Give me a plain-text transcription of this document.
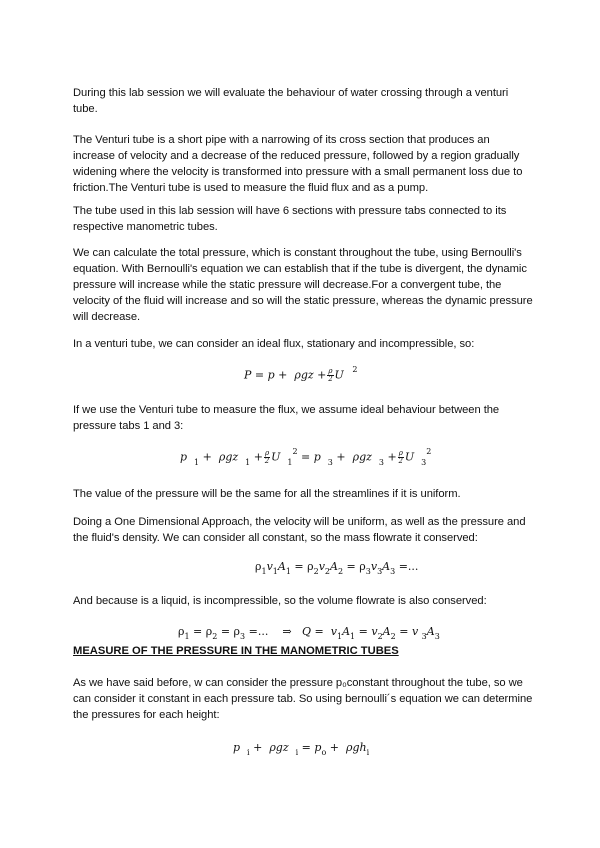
During this lab session we will evaluate the behaviour of water crossing through a venturi tube.

The Venturi tube is a short pipe with a narrowing of its cross section that produces an increase of velocity and a decrease of the reduced pressure, followed by a region gradually widening where the velocity is transformed into pressure with a small permanent loss due to friction.The Venturi tube is used to measure the fluid flux and as a pump.

The tube used in this lab session will have 6 sections with pressure tabs connected to its respective manometric tubes.

We can calculate the total pressure, which is constant throughout the tube, using Bernoulli's equation. With Bernoulli's equation we can establish that if the tube is divergent, the dynamic pressure will increase while the static pressure will decrease.For a convergent tube, the velocity of the fluid will increase and so will the static pressure, whereas the dynamic pressure will decrease.

In a venturi tube, we can consider an ideal flux, stationary and incompressible, so:

$P = p + \rho gz + \frac{\rho}{2}$ U   $^2$

If we use the Venturi tube to measure the flux, we assume ideal behaviour between the pressure tabs 1 and 3:

p  $_1$ +  ρgz  $_1 + \frac{\rho}{2}$ U  $_1^2$ = p  $_3$ +  ρgz  $_3 + \frac{\rho}{2}$ U  $_3^2$

The value of the pressure will be the same for all the streamlines if it is uniform.

Doing a One Dimensional Approach, the velocity will be uniform, as well as the pressure and the fluid's density. We can consider all constant, so the mass flowrate it conserved:

$\rho_1v_1A_1 = \rho_2v_2A_2 = \rho_3v_3A_3$ =...

And because is a liquid, is incompressible, so the volume flowrate is also conserved:

$\rho_1 = \rho_2 = \rho_3$ =...    ⇒   $Q = v_1A_1 = v_2A_2 = v$ $_3A_3$

MEASURE OF THE PRESSURE IN THE MANOMETRIC TUBES

As we have said before, w can consider the pressure p₀constant throughout the tube, so we can consider it constant in each pressure tab. So using bernoulli´s equation we can determine the pressures for each height:

p  $_i$ +  ρgz  $_i = p_o + \rho gh_i$
